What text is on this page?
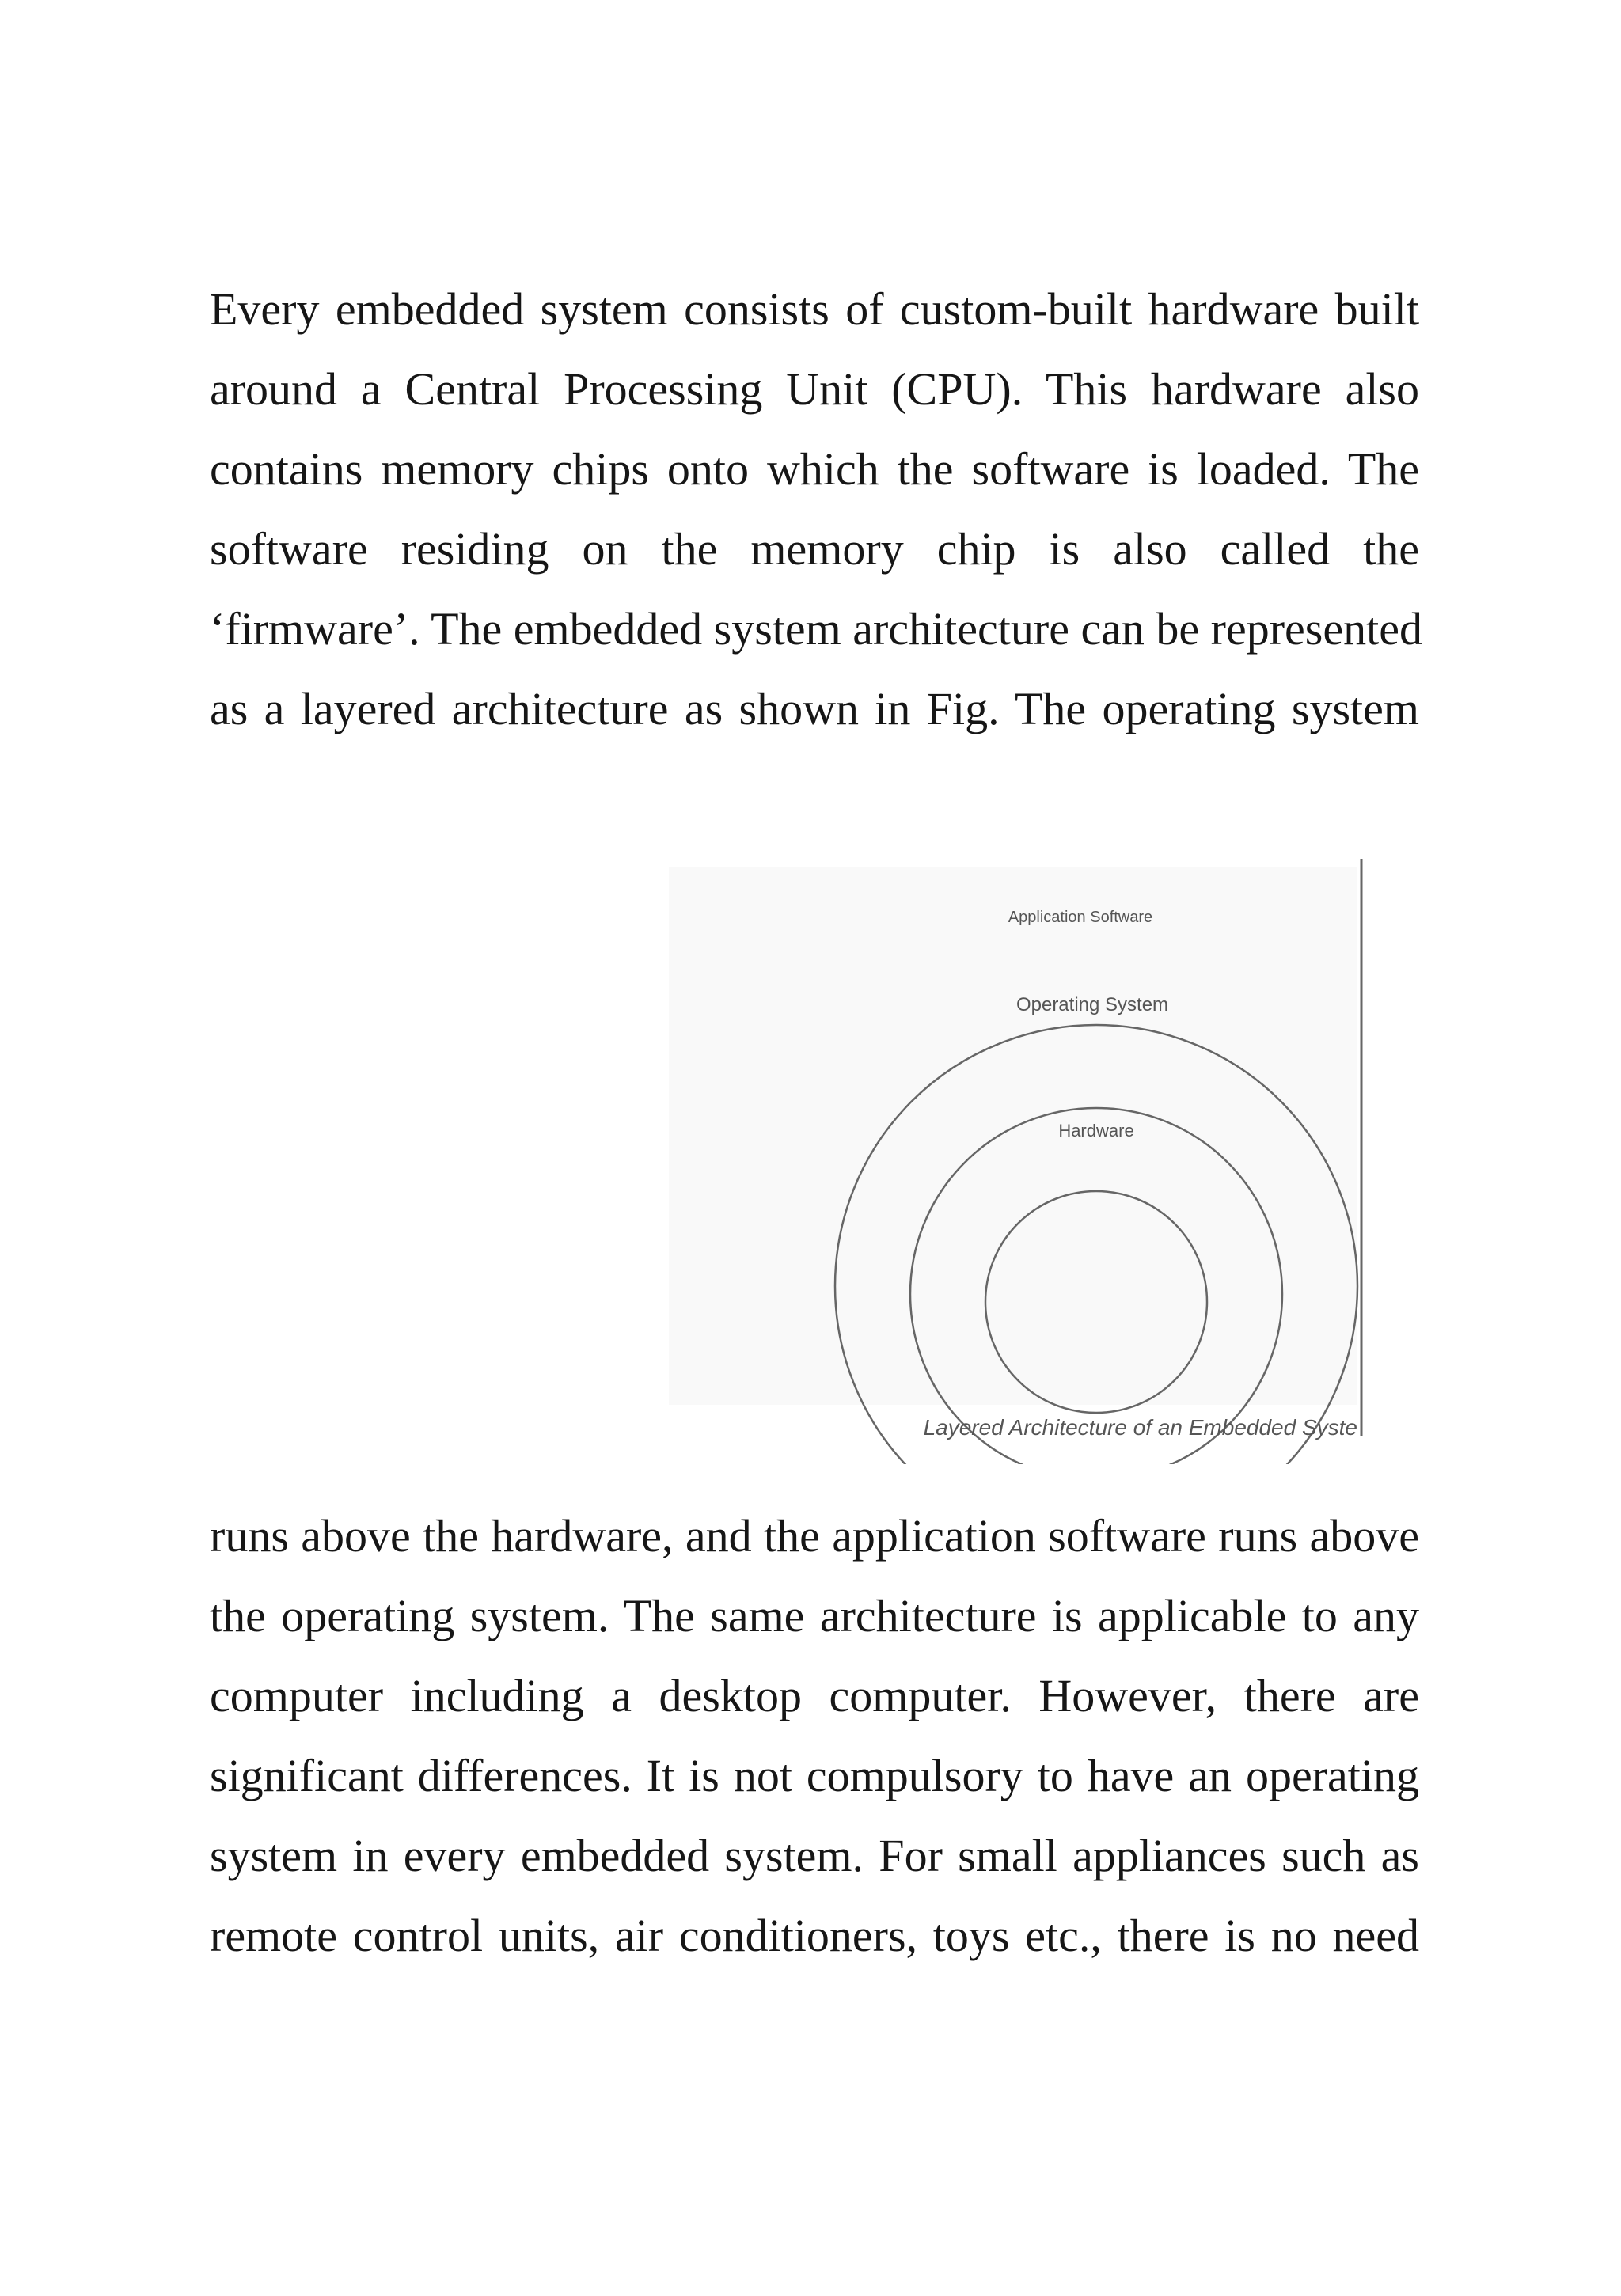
Every embedded system consists of custom-built hardware built
around a Central Processing Unit (CPU). This hardware also
contains memory chips onto which the software is loaded. The
software residing on the memory chip is also called the
‘firmware’. The embedded system architecture can be represented
as a layered architecture as shown in Fig. The operating system
Application Software
Operating System
Hardware
Layered Architecture of an Embedded Syste
runs above the hardware, and the application software runs above
the operating system. The same architecture is applicable to any
computer including a desktop computer. However, there are
significant differences. It is not compulsory to have an operating
system in every embedded system. For small appliances such as
remote control units, air conditioners, toys etc., there is no need
